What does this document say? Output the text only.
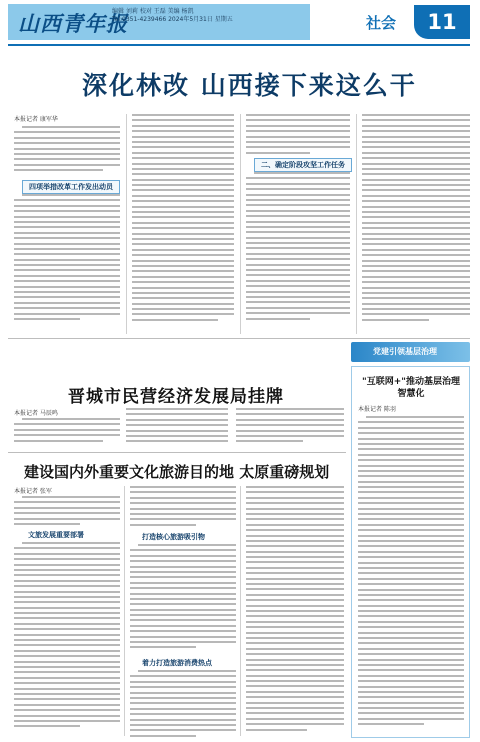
山西青年报
编辑 刘莉 校对 王磊 美编 杨凯
Tel:0351-4239466 2024年5月31日 星期五	社会	11
深化林改 山西接下来这么干
本报记者 康军华
四项举措改革工作发出动员
二、确定阶段攻坚工作任务
晋城市民营经济发展局挂牌
本报记者 马辰鸣
建设国内外重要文化旅游目的地 太原重磅规划
本报记者 张军
文旅发展重要部署	打造核心旅游吸引物
着力打造旅游消费热点
党建引领基层治理
"互联网+"推动基层治理智慧化
本报记者 陈羽
